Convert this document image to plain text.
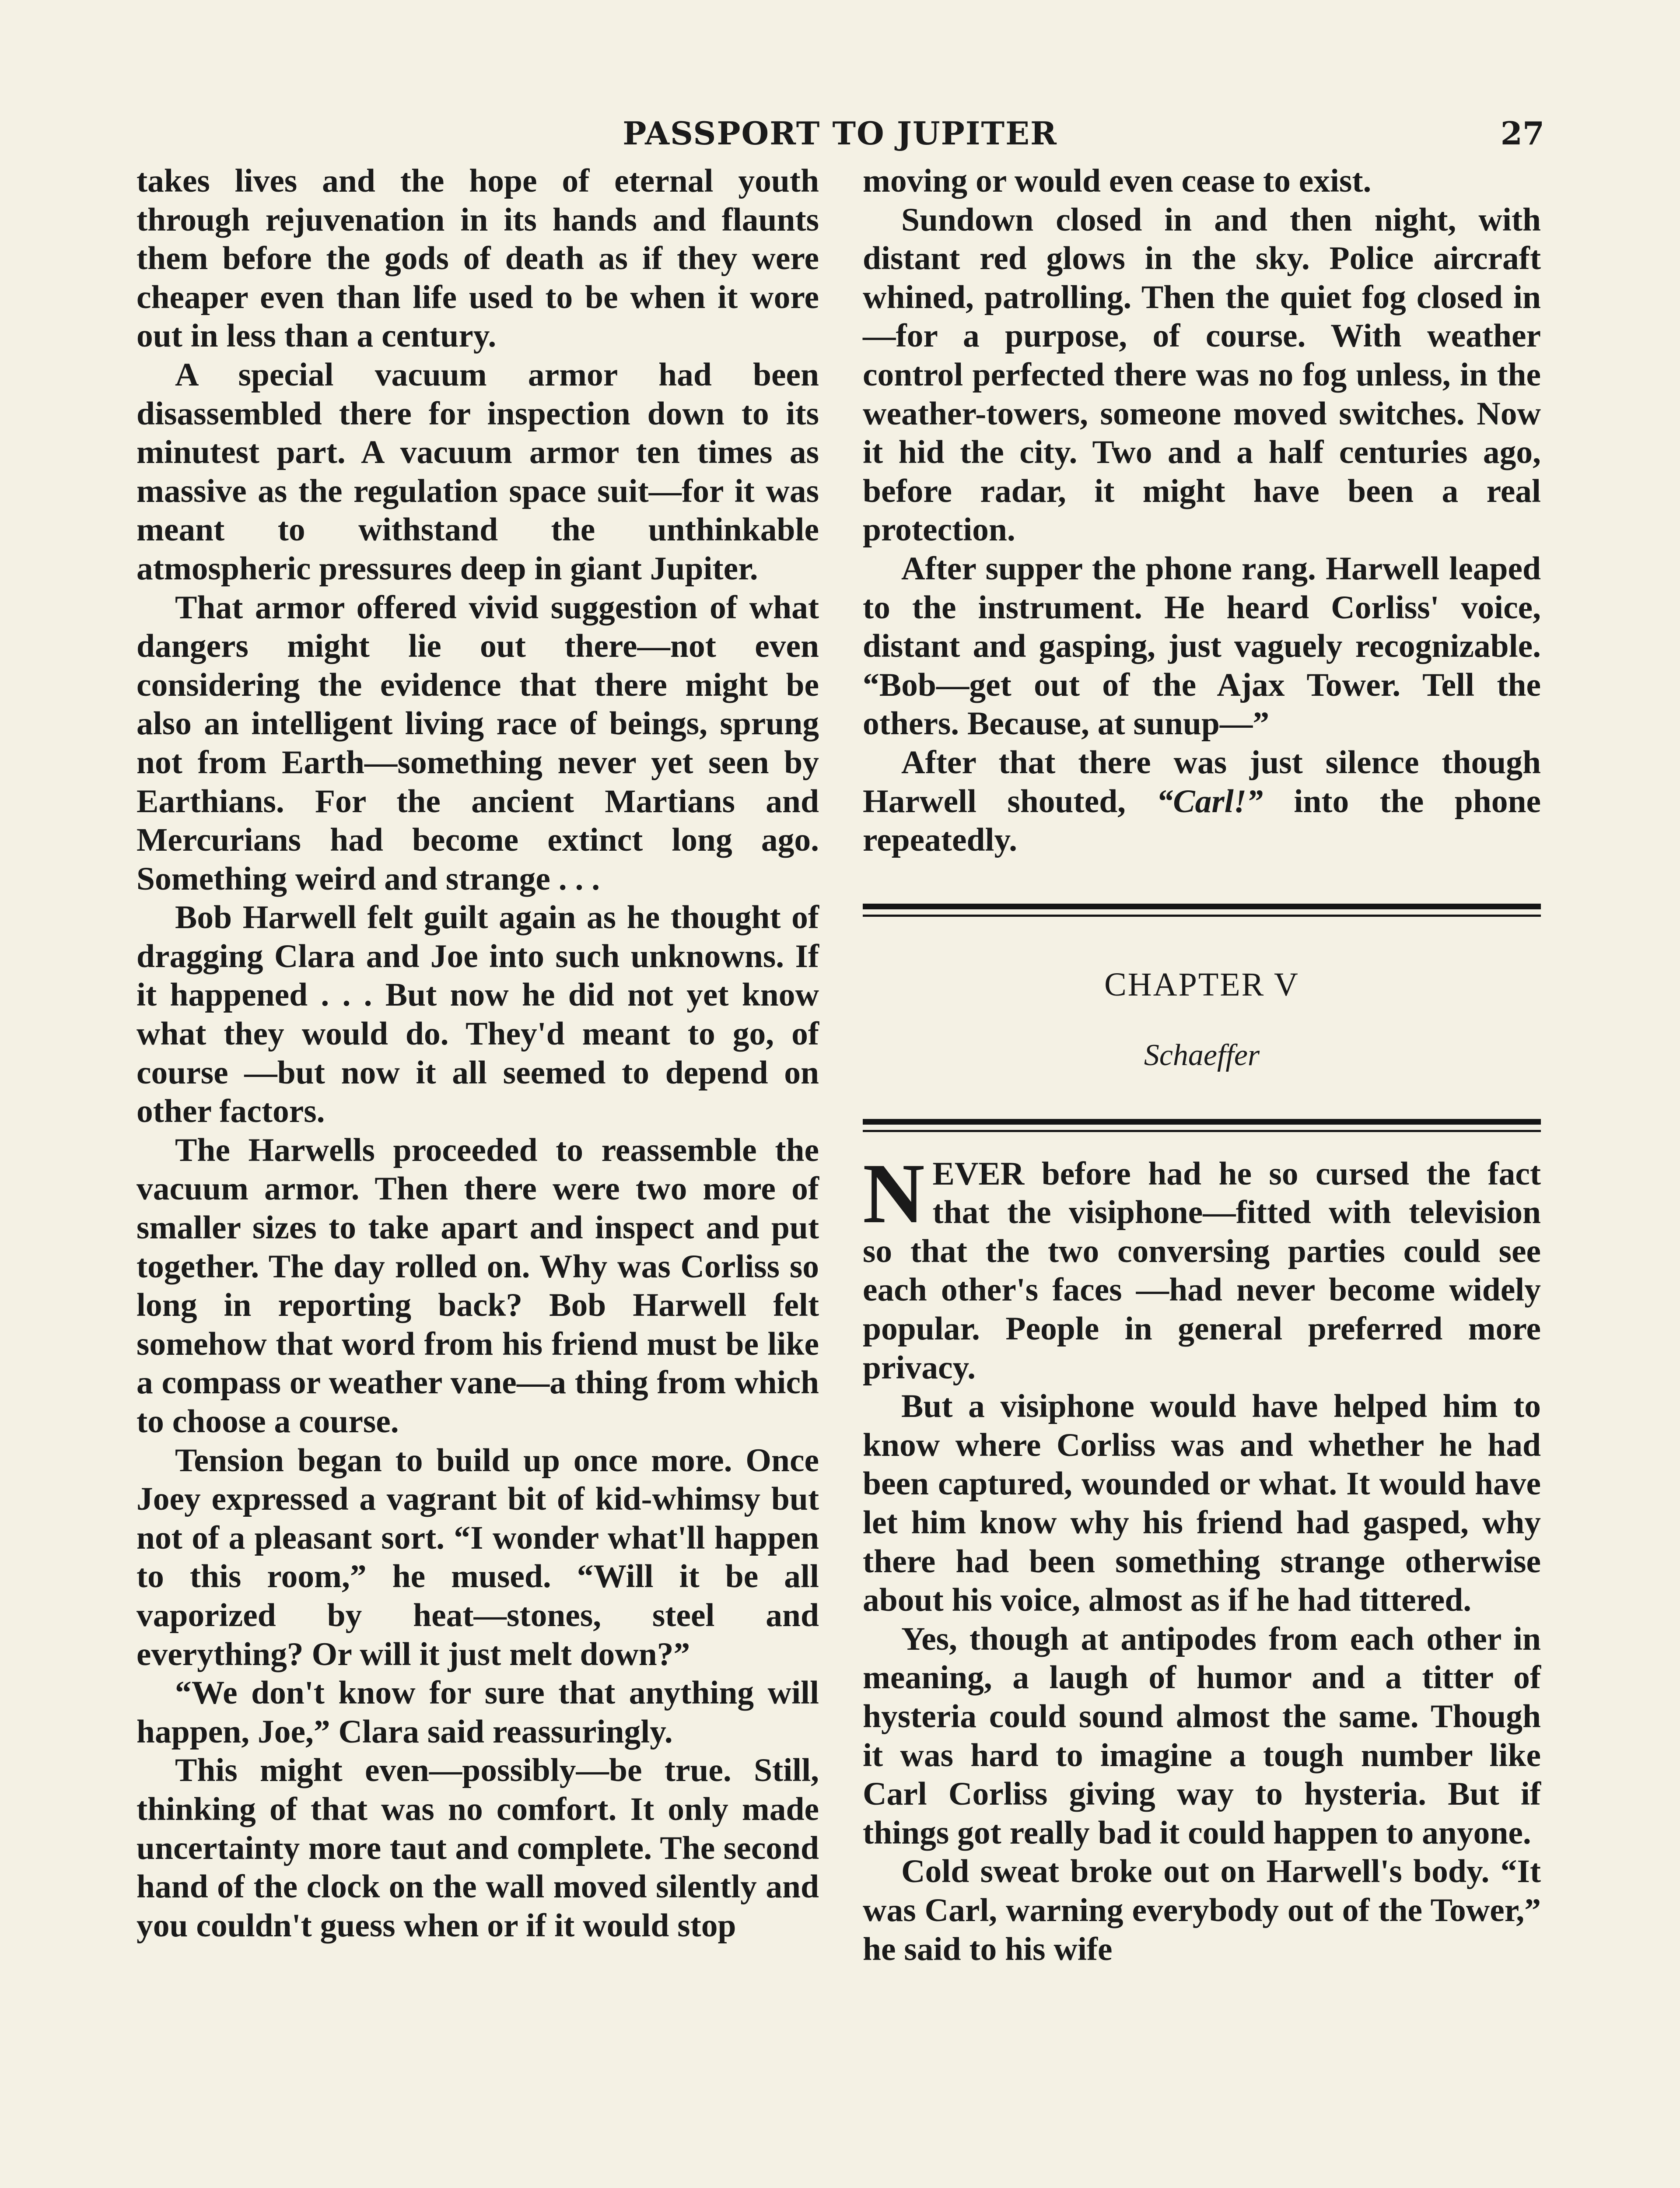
PASSPORT TO JUPITER	27

takes lives and the hope of eternal youth through rejuvenation in its hands and flaunts them before the gods of death as if they were cheaper even than life used to be when it wore out in less than a century.

A special vacuum armor had been disassembled there for inspection down to its minutest part. A vacuum armor ten times as massive as the regulation space suit—for it was meant to withstand the unthinkable atmospheric pressures deep in giant Jupiter.

That armor offered vivid suggestion of what dangers might lie out there—not even considering the evidence that there might be also an intelligent living race of beings, sprung not from Earth—something never yet seen by Earthians. For the ancient Martians and Mercurians had become extinct long ago. Something weird and strange . . .

Bob Harwell felt guilt again as he thought of dragging Clara and Joe into such unknowns. If it happened . . . But now he did not yet know what they would do. They'd meant to go, of course —but now it all seemed to depend on other factors.

The Harwells proceeded to reassemble the vacuum armor. Then there were two more of smaller sizes to take apart and inspect and put together. The day rolled on. Why was Corliss so long in reporting back? Bob Harwell felt somehow that word from his friend must be like a compass or weather vane—a thing from which to choose a course.

Tension began to build up once more. Once Joey expressed a vagrant bit of kid-whimsy but not of a pleasant sort. “I wonder what'll happen to this room,” he mused. “Will it be all vaporized by heat—stones, steel and everything? Or will it just melt down?”

“We don't know for sure that anything will happen, Joe,” Clara said reassuringly.

This might even—possibly—be true. Still, thinking of that was no comfort. It only made uncertainty more taut and complete. The second hand of the clock on the wall moved silently and you couldn't guess when or if it would stop

moving or would even cease to exist.

Sundown closed in and then night, with distant red glows in the sky. Police aircraft whined, patrolling. Then the quiet fog closed in—for a purpose, of course. With weather control perfected there was no fog unless, in the weather-towers, someone moved switches. Now it hid the city. Two and a half centuries ago, before radar, it might have been a real protection.

After supper the phone rang. Harwell leaped to the instrument. He heard Corliss' voice, distant and gasping, just vaguely recognizable. “Bob—get out of the Ajax Tower. Tell the others. Because, at sunup—”

After that there was just silence though Harwell shouted, “Carl!” into the phone repeatedly.

CHAPTER V
Schaeffer

NEVER before had he so cursed the fact that the visiphone—fitted with television so that the two conversing parties could see each other's faces —had never become widely popular. People in general preferred more privacy.

But a visiphone would have helped him to know where Corliss was and whether he had been captured, wounded or what. It would have let him know why his friend had gasped, why there had been something strange otherwise about his voice, almost as if he had tittered.

Yes, though at antipodes from each other in meaning, a laugh of humor and a titter of hysteria could sound almost the same. Though it was hard to imagine a tough number like Carl Corliss giving way to hysteria. But if things got really bad it could happen to anyone.

Cold sweat broke out on Harwell's body. “It was Carl, warning everybody out of the Tower,” he said to his wife
